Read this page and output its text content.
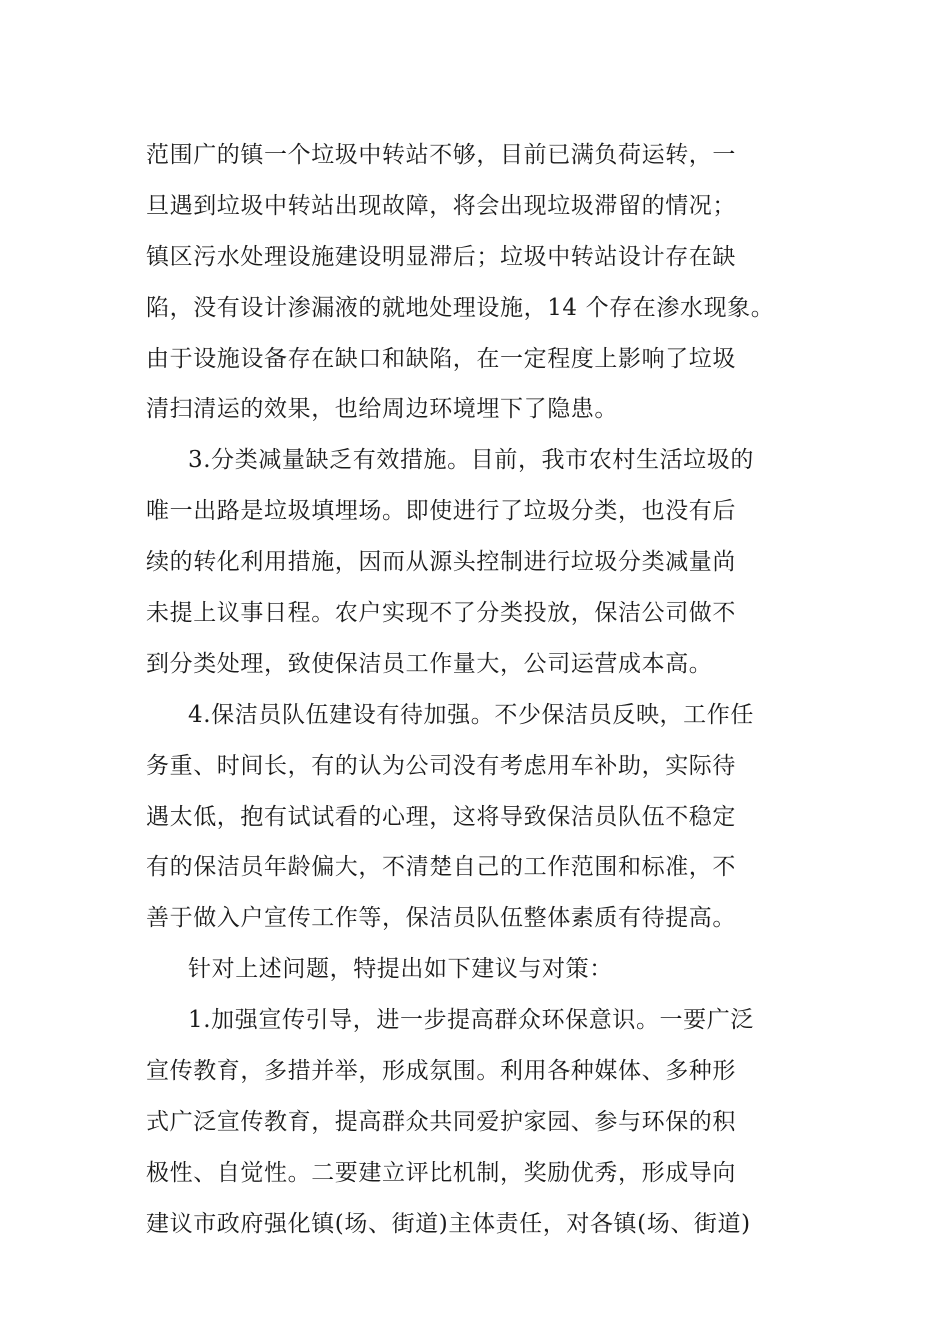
范围广的镇一个垃圾中转站不够，目前已满负荷运转，一
旦遇到垃圾中转站出现故障，将会出现垃圾滞留的情况；
镇区污水处理设施建设明显滞后；垃圾中转站设计存在缺
陷，没有设计渗漏液的就地处理设施，14 个存在渗水现象。
由于设施设备存在缺口和缺陷，在一定程度上影响了垃圾
清扫清运的效果，也给周边环境埋下了隐患。
3.分类减量缺乏有效措施。目前，我市农村生活垃圾的
唯一出路是垃圾填埋场。即使进行了垃圾分类，也没有后
续的转化利用措施，因而从源头控制进行垃圾分类减量尚
未提上议事日程。农户实现不了分类投放，保洁公司做不
到分类处理，致使保洁员工作量大，公司运营成本高。
4.保洁员队伍建设有待加强。不少保洁员反映，工作任
务重、时间长，有的认为公司没有考虑用车补助，实际待
遇太低，抱有试试看的心理，这将导致保洁员队伍不稳定
有的保洁员年龄偏大，不清楚自己的工作范围和标准，不
善于做入户宣传工作等，保洁员队伍整体素质有待提高。
针对上述问题，特提出如下建议与对策：
1.加强宣传引导，进一步提高群众环保意识。一要广泛
宣传教育，多措并举，形成氛围。利用各种媒体、多种形
式广泛宣传教育，提高群众共同爱护家园、参与环保的积
极性、自觉性。二要建立评比机制，奖励优秀，形成导向
建议市政府强化镇(场、街道)主体责任，对各镇(场、街道)
